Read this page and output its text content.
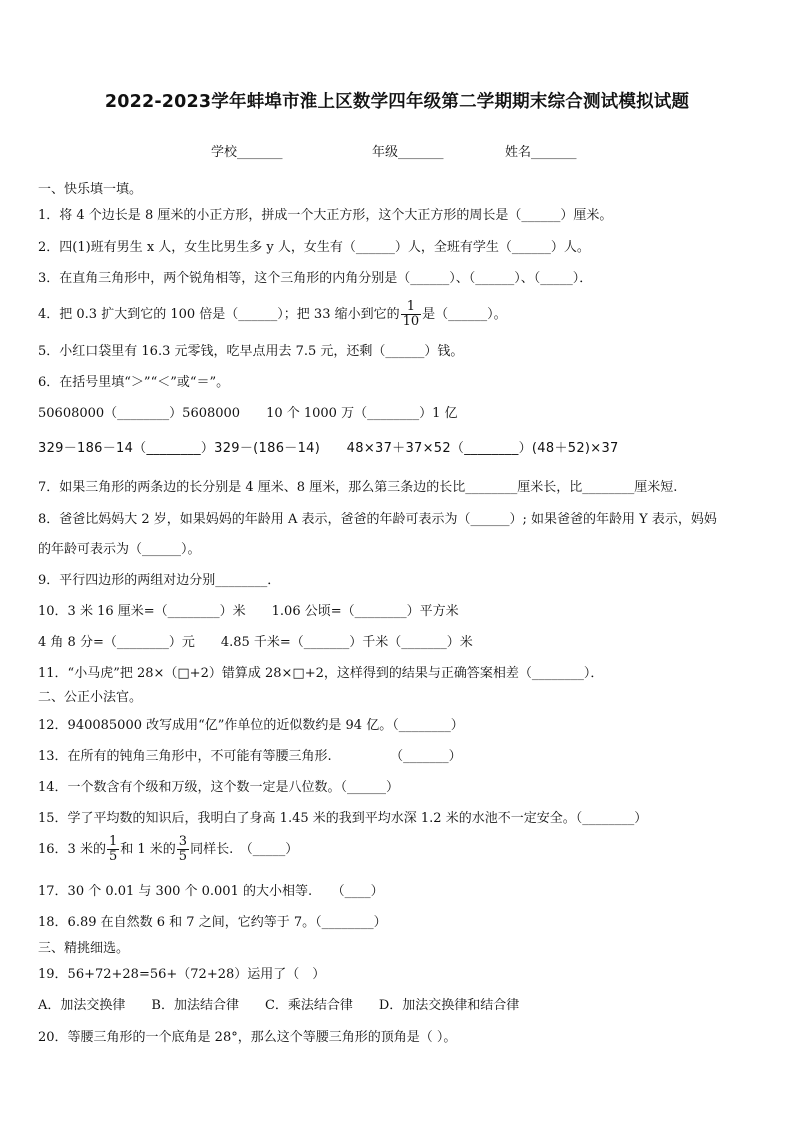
2022-2023学年蚌埠市淮上区数学四年级第二学期期末综合测试模拟试题
学校_______	年级_______	姓名_______
一、快乐填一填。
1．将 4 个边长是 8 厘米的小正方形，拼成一个大正方形，这个大正方形的周长是（______）厘米。
2．四(1)班有男生 x 人，女生比男生多 y 人，女生有（______）人，全班有学生（______）人。
3．在直角三角形中，两个锐角相等，这个三角形的内角分别是（______）、（______）、（_____）．
4．把 0.3 扩大到它的 100 倍是（______）；把 33 缩小到它的 $\frac{1}{10}$ 是（______）。
5．小红口袋里有 16.3 元零钱，吃早点用去 7.5 元，还剩（______）钱。
6．在括号里填“＞”“＜”或“＝”。
50608000（________）5608000　　10 个 1000 万（________）1 亿
329－186－14（________）329－(186－14)　　48×37＋37×52（________）(48＋52)×37
7．如果三角形的两条边的长分别是 4 厘米、8 厘米，那么第三条边的长比________厘米长，比________厘米短.
8．爸爸比妈妈大 2 岁，如果妈妈的年龄用 A 表示，爸爸的年龄可表示为（______）; 如果爸爸的年龄用 Y 表示，妈妈
的年龄可表示为（______）。
9．平行四边形的两组对边分别________．
10．3 米 16 厘米=（________）米　　1.06 公顷=（________）平方米
4 角 8 分=（________）元　　4.85 千米=（_______）千米（_______）米
11．“小马虎”把 28×（□+2）错算成 28×□+2，这样得到的结果与正确答案相差（________）．
二、公正小法官。
12．940085000 改写成用“亿”作单位的近似数约是 94 亿。（________）
13．在所有的钝角三角形中，不可能有等腰三角形.　　　　　（_______）
14．一个数含有个级和万级，这个数一定是八位数。（______）
15．学了平均数的知识后，我明白了身高 1.45 米的我到平均水深 1.2 米的水池不一定安全。（________）
16．3 米的 $\frac{1}{5}$ 和 1 米的 $\frac{3}{5}$ 同样长.　（_____）
17．30 个 0.01 与 300 个 0.001 的大小相等.　　（____）
18．6.89 在自然数 6 和 7 之间，它约等于 7。（________）
三、精挑细选。
19．56+72+28=56+（72+28）运用了（　）
A．加法交换律　　B．加法结合律　　C．乘法结合律　　D．加法交换律和结合律
20．等腰三角形的一个底角是 28°，那么这个等腰三角形的顶角是（ ）。
